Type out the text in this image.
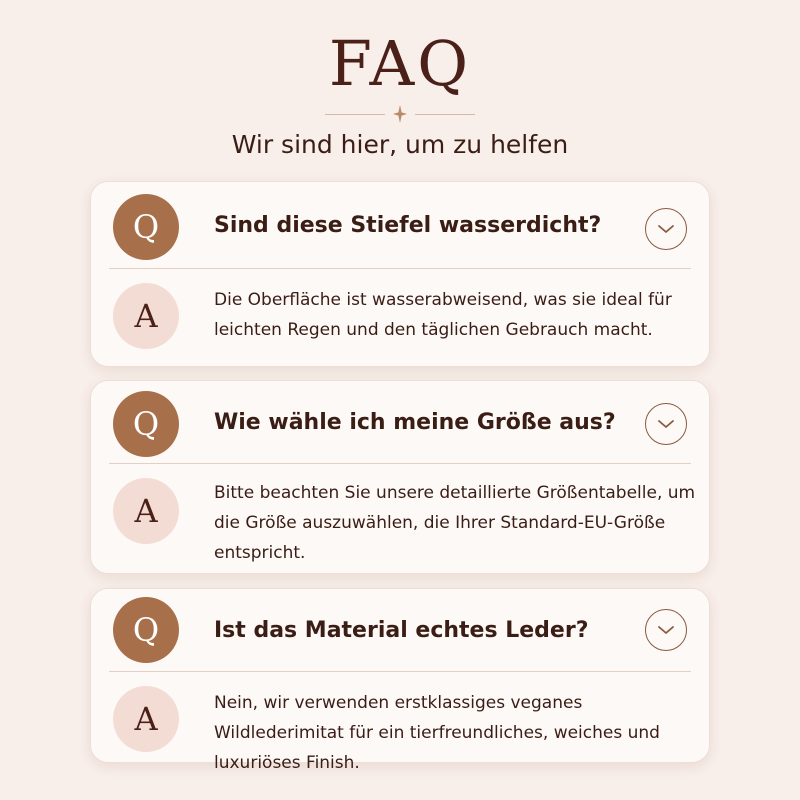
FAQ

Wir sind hier, um zu helfen

Q	Sind diese Stiefel wasserdicht?
A	Die Oberfläche ist wasserabweisend, was sie ideal für leichten Regen und den täglichen Gebrauch macht.
Q	Wie wähle ich meine Größe aus?
A	Bitte beachten Sie unsere detaillierte Größentabelle, um die Größe auszuwählen, die Ihrer Standard-EU-Größe entspricht.
Q	Ist das Material echtes Leder?
A	Nein, wir verwenden erstklassiges veganes Wildlederimitat für ein tierfreundliches, weiches und luxuriöses Finish.
